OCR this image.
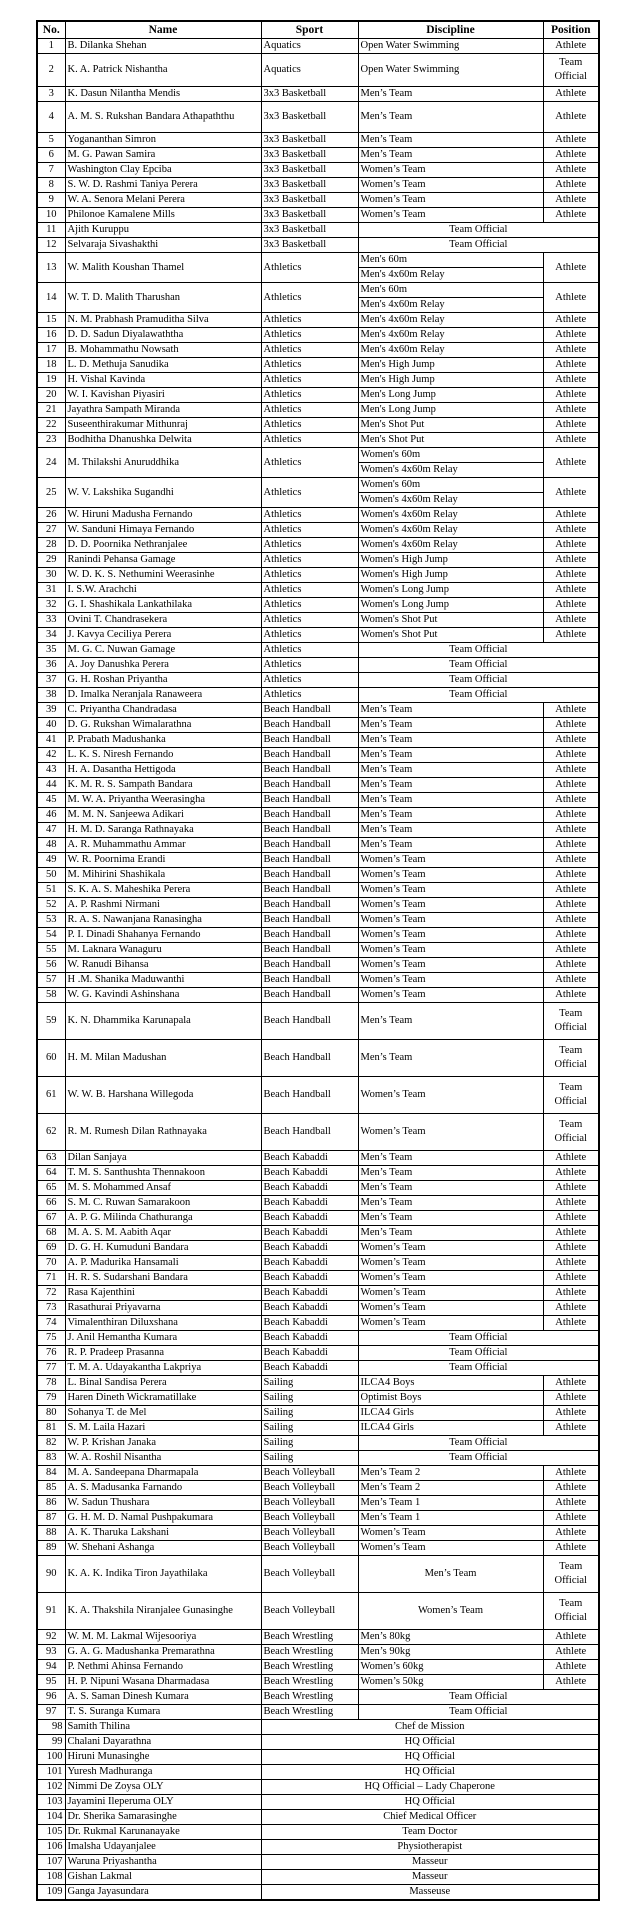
No.	Name	Sport	Discipline	Position
1	B. Dilanka Shehan	Aquatics	Open Water Swimming	Athlete
2	K. A. Patrick Nishantha	Aquatics	Open Water Swimming	Team Official
3	K. Dasun Nilantha Mendis	3x3 Basketball	Men’s Team	Athlete
4	A. M. S. Rukshan Bandara Athapaththu	3x3 Basketball	Men’s Team	Athlete
5	Yogananthan Simron	3x3 Basketball	Men’s Team	Athlete
6	M. G. Pawan Samira	3x3 Basketball	Men’s Team	Athlete
7	Washington Clay Epciba	3x3 Basketball	Women’s Team	Athlete
8	S. W. D. Rashmi Taniya Perera	3x3 Basketball	Women’s Team	Athlete
9	W. A. Senora Melani Perera	3x3 Basketball	Women’s Team	Athlete
10	Philonoe Kamalene Mills	3x3 Basketball	Women’s Team	Athlete
11	Ajith Kuruppu	3x3 Basketball	Team Official	
12	Selvaraja Sivashakthi	3x3 Basketball	Team Official	
13	W. Malith Koushan Thamel	Athletics	Men's 60m	Athlete
			Men's 4x60m Relay	
14	W. T. D. Malith Tharushan	Athletics	Men's 60m	Athlete
			Men's 4x60m Relay	
15	N. M. Prabhash Pramuditha Silva	Athletics	Men's 4x60m Relay	Athlete
16	D. D. Sadun Diyalawaththa	Athletics	Men's 4x60m Relay	Athlete
17	B. Mohammathu Nowsath	Athletics	Men's 4x60m Relay	Athlete
18	L. D. Methuja Sanudika	Athletics	Men's High Jump	Athlete
19	H. Vishal Kavinda	Athletics	Men's High Jump	Athlete
20	W. I. Kavishan Piyasiri	Athletics	Men's Long Jump	Athlete
21	Jayathra Sampath Miranda	Athletics	Men's Long Jump	Athlete
22	Suseenthirakumar Mithunraj	Athletics	Men's Shot Put	Athlete
23	Bodhitha Dhanushka Delwita	Athletics	Men's Shot Put	Athlete
24	M. Thilakshi Anuruddhika	Athletics	Women's 60m	Athlete
			Women's 4x60m Relay	
25	W. V. Lakshika Sugandhi	Athletics	Women's 60m	Athlete
			Women's 4x60m Relay	
26	W. Hiruni Madusha Fernando	Athletics	Women's 4x60m Relay	Athlete
27	W. Sanduni Himaya Fernando	Athletics	Women's 4x60m Relay	Athlete
28	D. D. Poornika Nethranjalee	Athletics	Women's 4x60m Relay	Athlete
29	Ranindi Pehansa Gamage	Athletics	Women's High Jump	Athlete
30	W. D. K. S. Nethumini Weerasinhe	Athletics	Women's High Jump	Athlete
31	I. S.W. Arachchi	Athletics	Women's Long Jump	Athlete
32	G. I. Shashikala Lankathilaka	Athletics	Women's Long Jump	Athlete
33	Ovini T. Chandrasekera	Athletics	Women's Shot Put	Athlete
34	J. Kavya Ceciliya Perera	Athletics	Women's Shot Put	Athlete
35	M. G. C. Nuwan Gamage	Athletics	Team Official	
36	A. Joy Danushka Perera	Athletics	Team Official	
37	G. H. Roshan Priyantha	Athletics	Team Official	
38	D. Imalka Neranjala Ranaweera	Athletics	Team Official	
39	C. Priyantha Chandradasa	Beach Handball	Men’s Team	Athlete
40	D. G. Rukshan Wimalarathna	Beach Handball	Men’s Team	Athlete
41	P. Prabath Madushanka	Beach Handball	Men’s Team	Athlete
42	L. K. S. Niresh Fernando	Beach Handball	Men’s Team	Athlete
43	H. A. Dasantha Hettigoda	Beach Handball	Men’s Team	Athlete
44	K. M. R. S. Sampath Bandara	Beach Handball	Men’s Team	Athlete
45	M. W. A. Priyantha Weerasingha	Beach Handball	Men’s Team	Athlete
46	M. M. N. Sanjeewa Adikari	Beach Handball	Men’s Team	Athlete
47	H. M. D. Saranga Rathnayaka	Beach Handball	Men’s Team	Athlete
48	A. R. Muhammathu Ammar	Beach Handball	Men’s Team	Athlete
49	W. R. Poornima Erandi	Beach Handball	Women’s Team	Athlete
50	M. Mihirini Shashikala	Beach Handball	Women’s Team	Athlete
51	S. K. A. S. Maheshika Perera	Beach Handball	Women’s Team	Athlete
52	A. P. Rashmi Nirmani	Beach Handball	Women’s Team	Athlete
53	R. A. S. Nawanjana Ranasingha	Beach Handball	Women’s Team	Athlete
54	P. I. Dinadi Shahanya Fernando	Beach Handball	Women’s Team	Athlete
55	M. Laknara Wanaguru	Beach Handball	Women’s Team	Athlete
56	W. Ranudi Bihansa	Beach Handball	Women’s Team	Athlete
57	H .M. Shanika Maduwanthi	Beach Handball	Women’s Team	Athlete
58	W. G. Kavindi Ashinshana	Beach Handball	Women’s Team	Athlete
59	K. N. Dhammika Karunapala	Beach Handball	Men’s Team	Team Official
60	H. M. Milan Madushan	Beach Handball	Men’s Team	Team Official
61	W. W. B. Harshana Willegoda	Beach Handball	Women’s Team	Team Official
62	R. M. Rumesh Dilan Rathnayaka	Beach Handball	Women’s Team	Team Official
63	Dilan Sanjaya	Beach Kabaddi	Men’s Team	Athlete
64	T. M. S. Santhushta Thennakoon	Beach Kabaddi	Men’s Team	Athlete
65	M. S. Mohammed Ansaf	Beach Kabaddi	Men’s Team	Athlete
66	S. M. C. Ruwan Samarakoon	Beach Kabaddi	Men’s Team	Athlete
67	A. P. G. Milinda Chathuranga	Beach Kabaddi	Men’s Team	Athlete
68	M. A. S. M. Aabith Aqar	Beach Kabaddi	Men’s Team	Athlete
69	D. G. H. Kumuduni Bandara	Beach Kabaddi	Women’s Team	Athlete
70	A. P. Madurika Hansamali	Beach Kabaddi	Women’s Team	Athlete
71	H. R. S. Sudarshani Bandara	Beach Kabaddi	Women’s Team	Athlete
72	Rasa Kajenthini	Beach Kabaddi	Women’s Team	Athlete
73	Rasathurai Priyavarna	Beach Kabaddi	Women’s Team	Athlete
74	Vimalenthiran Diluxshana	Beach Kabaddi	Women’s Team	Athlete
75	J. Anil Hemantha Kumara	Beach Kabaddi	Team Official	
76	R. P. Pradeep Prasanna	Beach Kabaddi	Team Official	
77	T. M. A. Udayakantha Lakpriya	Beach Kabaddi	Team Official	
78	L. Binal Sandisa Perera	Sailing	ILCA4 Boys	Athlete
79	Haren Dineth Wickramatillake	Sailing	Optimist Boys	Athlete
80	Sohanya T. de Mel	Sailing	ILCA4 Girls	Athlete
81	S. M. Laila Hazari	Sailing	ILCA4 Girls	Athlete
82	W. P. Krishan Janaka	Sailing	Team Official	
83	W. A. Roshil Nisantha	Sailing	Team Official	
84	M. A. Sandeepana Dharmapala	Beach Volleyball	Men’s Team 2	Athlete
85	A. S. Madusanka Farnando	Beach Volleyball	Men’s Team 2	Athlete
86	W. Sadun Thushara	Beach Volleyball	Men’s Team 1	Athlete
87	G. H. M. D. Namal Pushpakumara	Beach Volleyball	Men’s Team 1	Athlete
88	A. K. Tharuka Lakshani	Beach Volleyball	Women’s Team	Athlete
89	W. Shehani Ashanga	Beach Volleyball	Women’s Team	Athlete
90	K. A. K. Indika Tiron Jayathilaka	Beach Volleyball	Men’s Team	Team Official
91	K. A. Thakshila Niranjalee Gunasinghe	Beach Volleyball	Women’s Team	Team Official
92	W. M. M. Lakmal Wijesooriya	Beach Wrestling	Men’s 80kg	Athlete
93	G. A. G. Madushanka Premarathna	Beach Wrestling	Men’s 90kg	Athlete
94	P. Nethmi Ahinsa Fernando	Beach Wrestling	Women’s 60kg	Athlete
95	H. P. Nipuni Wasana Dharmadasa	Beach Wrestling	Women’s 50kg	Athlete
96	A. S. Saman Dinesh Kumara	Beach Wrestling	Team Official	
97	T. S. Suranga Kumara	Beach Wrestling	Team Official	
98	Samith Thilina	Chef de Mission		
99	Chalani Dayarathna	HQ Official		
100	Hiruni Munasinghe	HQ Official		
101	Yuresh Madhuranga	HQ Official		
102	Nimmi De Zoysa OLY	HQ Official – Lady Chaperone		
103	Jayamini Ileperuma OLY	HQ Official		
104	Dr. Sherika Samarasinghe	Chief Medical Officer		
105	Dr. Rukmal Karunanayake	Team Doctor		
106	Imalsha Udayanjalee	Physiotherapist		
107	Waruna Priyashantha	Masseur		
108	Gishan Lakmal	Masseur		
109	Ganga Jayasundara	Masseuse		
